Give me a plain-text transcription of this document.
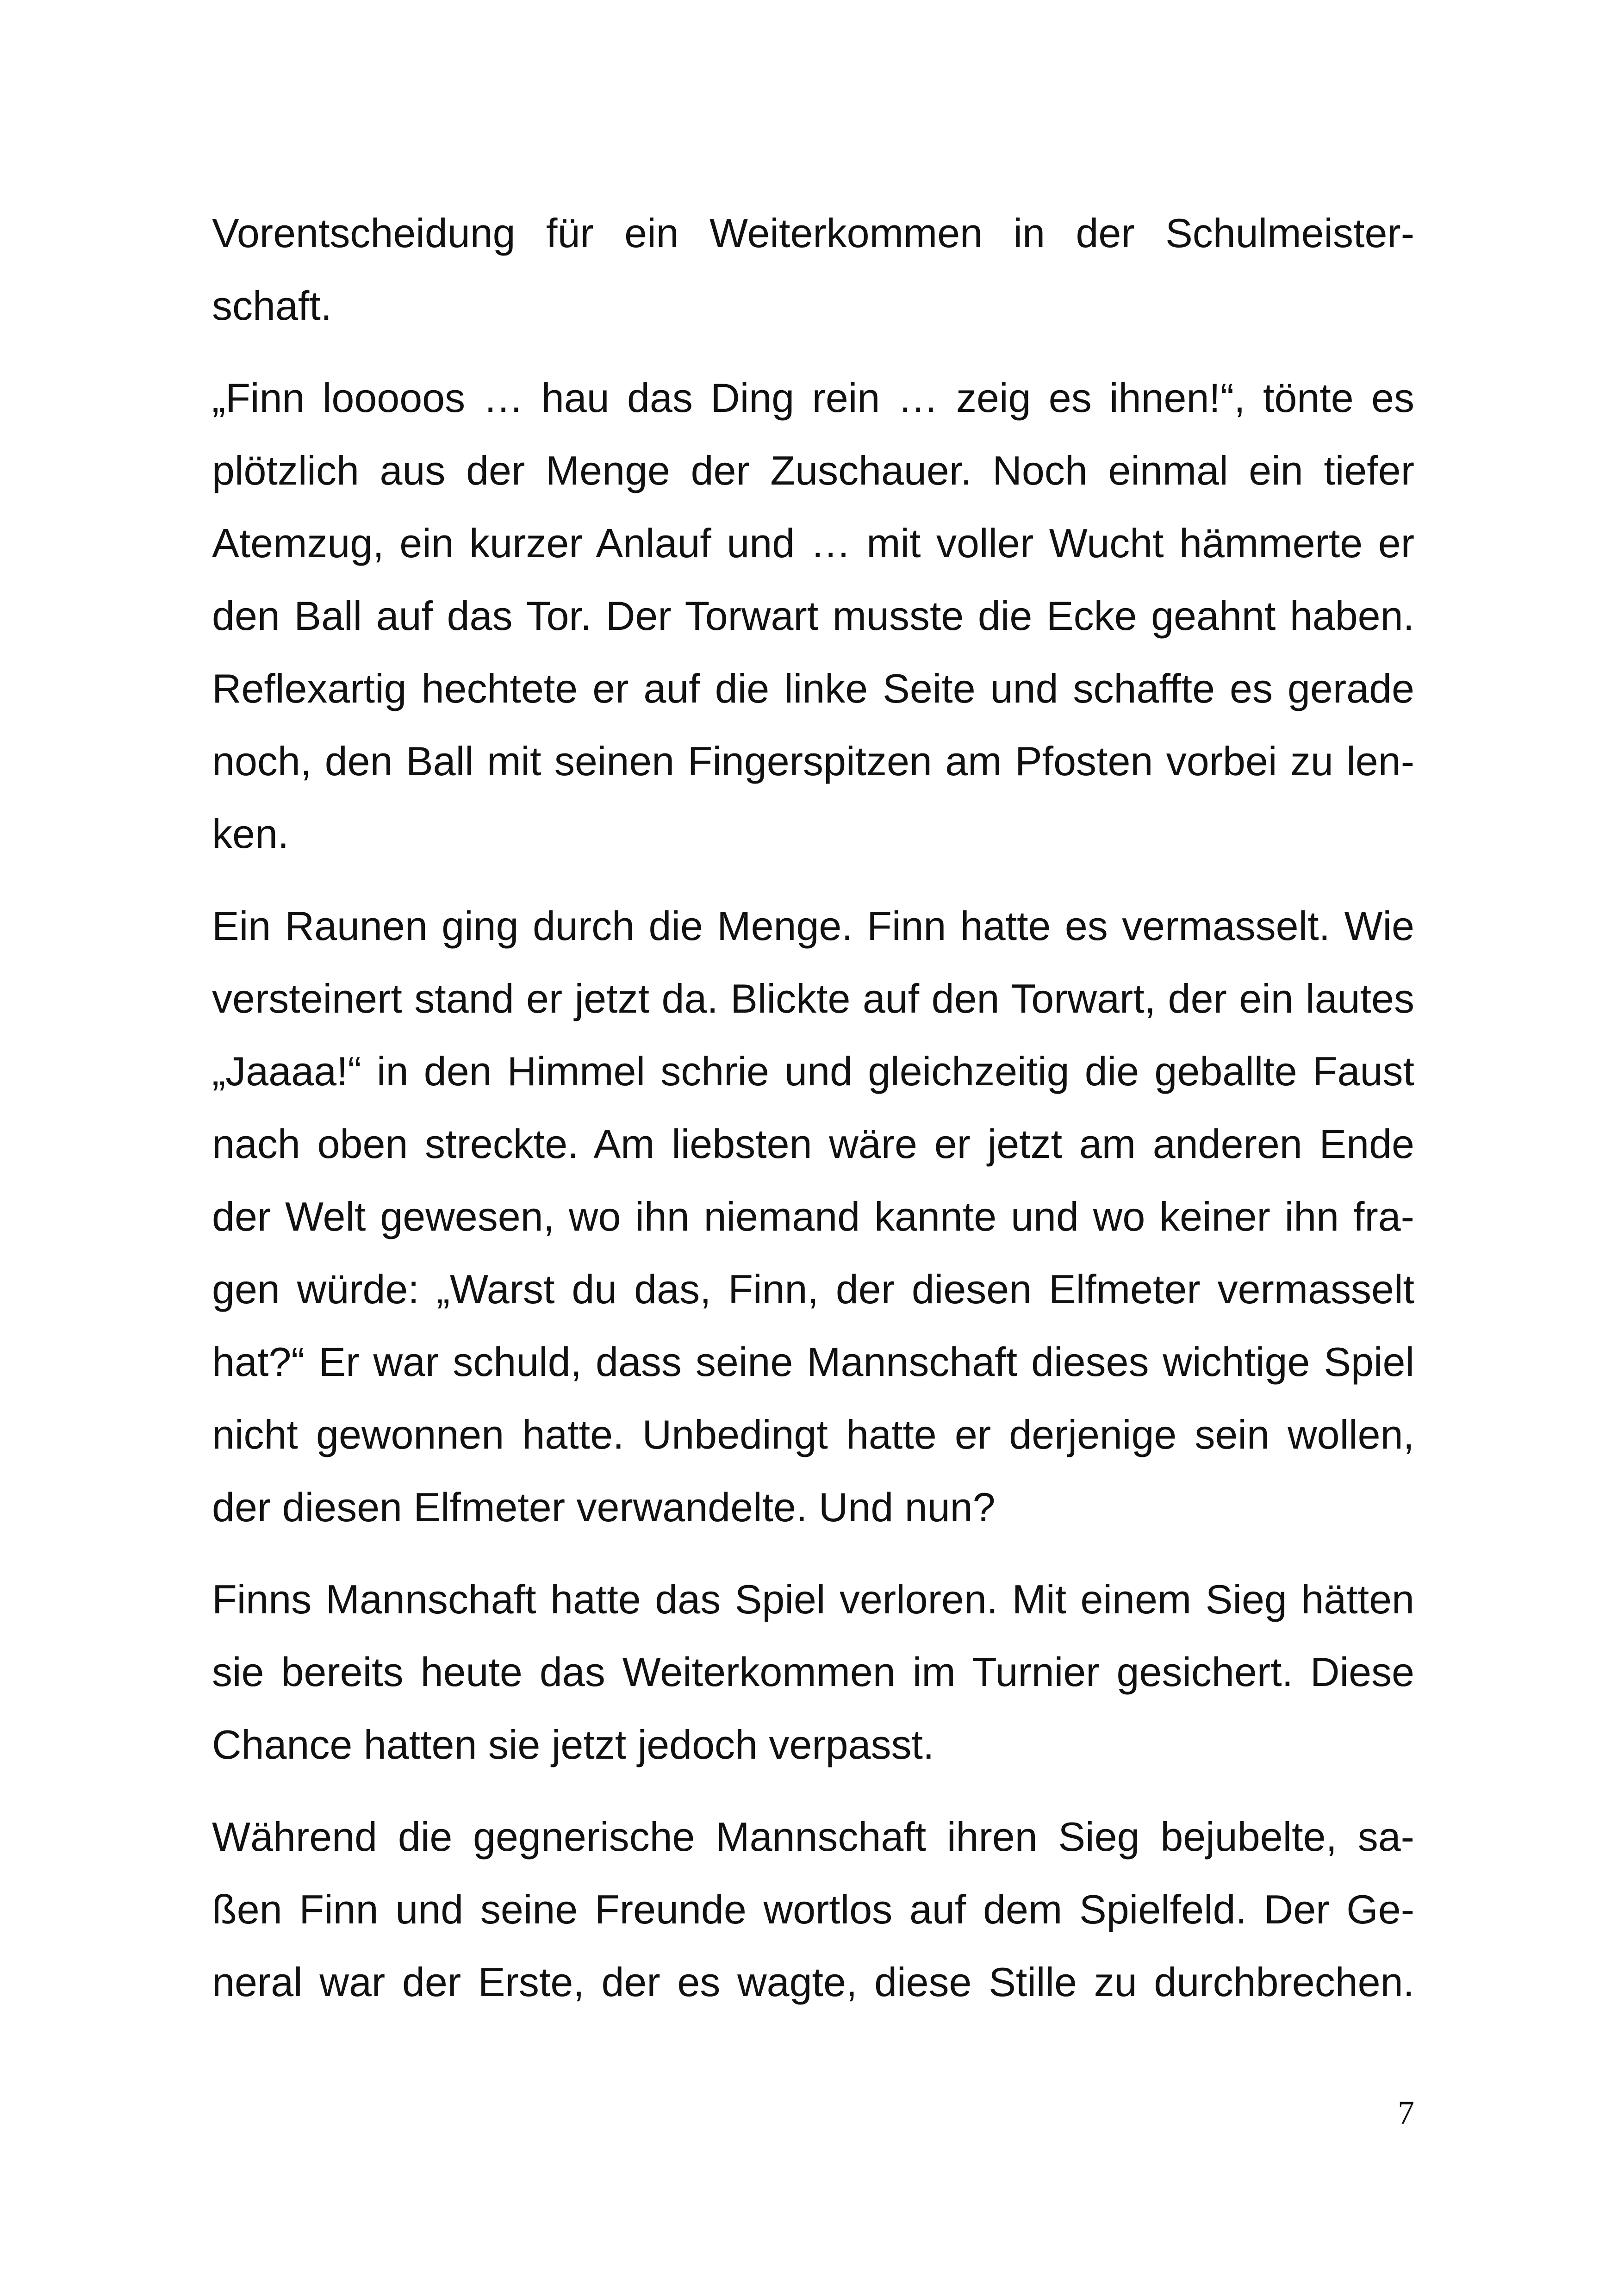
Vorentscheidung für ein Weiterkommen in der Schulmeister-
schaft.
„Finn looooos … hau das Ding rein … zeig es ihnen!“, tönte es
plötzlich aus der Menge der Zuschauer. Noch einmal ein tiefer
Atemzug, ein kurzer Anlauf und … mit voller Wucht hämmerte er
den Ball auf das Tor. Der Torwart musste die Ecke geahnt haben.
Reflexartig hechtete er auf die linke Seite und schaffte es gerade
noch, den Ball mit seinen Fingerspitzen am Pfosten vorbei zu len-
ken.
Ein Raunen ging durch die Menge. Finn hatte es vermasselt. Wie
versteinert stand er jetzt da. Blickte auf den Torwart, der ein lautes
„Jaaaa!“ in den Himmel schrie und gleichzeitig die geballte Faust
nach oben streckte. Am liebsten wäre er jetzt am anderen Ende
der Welt gewesen, wo ihn niemand kannte und wo keiner ihn fra-
gen würde: „Warst du das, Finn, der diesen Elfmeter vermasselt
hat?“ Er war schuld, dass seine Mannschaft dieses wichtige Spiel
nicht gewonnen hatte. Unbedingt hatte er derjenige sein wollen,
der diesen Elfmeter verwandelte. Und nun?
Finns Mannschaft hatte das Spiel verloren. Mit einem Sieg hätten
sie bereits heute das Weiterkommen im Turnier gesichert. Diese
Chance hatten sie jetzt jedoch verpasst.
Während die gegnerische Mannschaft ihren Sieg bejubelte, sa-
ßen Finn und seine Freunde wortlos auf dem Spielfeld. Der Ge-
neral war der Erste, der es wagte, diese Stille zu durchbrechen.
7
